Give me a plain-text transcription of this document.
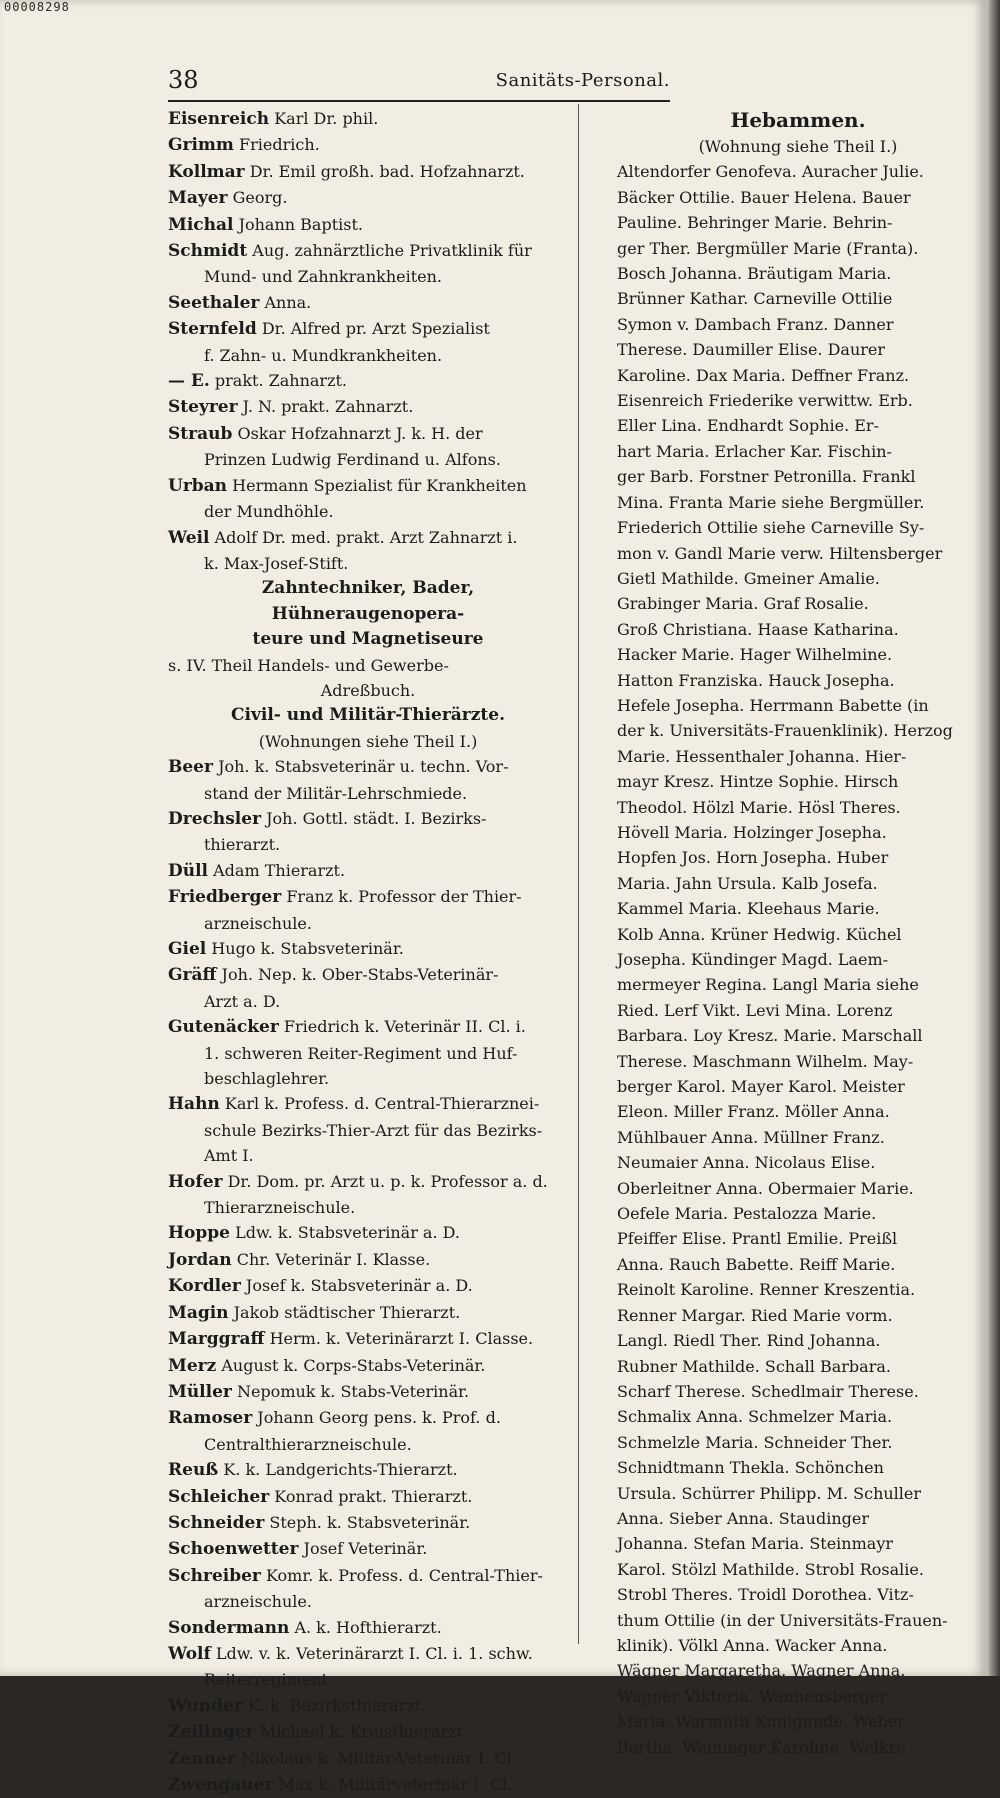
00008298
38	Sanitäts-Personal.

Eisenreich Karl Dr. phil.

Grimm Friedrich.

Kollmar Dr. Emil großh. bad. Hofzahnarzt.

Mayer Georg.

Michal Johann Baptist.

Schmidt Aug. zahnärztliche Privatklinik für

Mund- und Zahnkrankheiten.

Seethaler Anna.

Sternfeld Dr. Alfred pr. Arzt Spezialist

f. Zahn- u. Mundkrankheiten.

— E. prakt. Zahnarzt.

Steyrer J. N. prakt. Zahnarzt.

Straub Oskar Hofzahnarzt J. k. H. der

Prinzen Ludwig Ferdinand u. Alfons.

Urban Hermann Spezialist für Krankheiten

der Mundhöhle.

Weil Adolf Dr. med. prakt. Arzt Zahnarzt i.

k. Max-Josef-Stift.

Zahntechniker, Bader, Hühneraugenopera-

teure und Magnetiseure

s. IV. Theil Handels- und Gewerbe-

Adreßbuch.

Civil- und Militär-Thierärzte.

(Wohnungen siehe Theil I.)

Beer Joh. k. Stabsveterinär u. techn. Vor-

stand der Militär-Lehrschmiede.

Drechsler Joh. Gottl. städt. I. Bezirks-

thierarzt.

Düll Adam Thierarzt.

Friedberger Franz k. Professor der Thier-

arzneischule.

Giel Hugo k. Stabsveterinär.

Gräff Joh. Nep. k. Ober-Stabs-Veterinär-

Arzt a. D.

Gutenäcker Friedrich k. Veterinär II. Cl. i.

1. schweren Reiter-Regiment und Huf-

beschlaglehrer.

Hahn Karl k. Profess. d. Central-Thierarznei-

schule Bezirks-Thier-Arzt für das Bezirks-

Amt I.

Hofer Dr. Dom. pr. Arzt u. p. k. Professor a. d.

Thierarzneischule.

Hoppe Ldw. k. Stabsveterinär a. D.

Jordan Chr. Veterinär I. Klasse.

Kordler Josef k. Stabsveterinär a. D.

Magin Jakob städtischer Thierarzt.

Marggraff Herm. k. Veterinärarzt I. Classe.

Merz August k. Corps-Stabs-Veterinär.

Müller Nepomuk k. Stabs-Veterinär.

Ramoser Johann Georg pens. k. Prof. d.

Centralthierarzneischule.

Reuß K. k. Landgerichts-Thierarzt.

Schleicher Konrad prakt. Thierarzt.

Schneider Steph. k. Stabsveterinär.

Schoenwetter Josef Veterinär.

Schreiber Komr. k. Profess. d. Central-Thier-

arzneischule.

Sondermann A. k. Hofthierarzt.

Wolf Ldw. v. k. Veterinärarzt I. Cl. i. 1. schw.

Reiterregiment.

Wunder K. k. Bezirksthierarzt.

Zeilinger Michael k. Kreisthierarzt.

Zenner Nikolaus k. Militär-Veterinär I. Cl.

Zwengauer Max k. Militärveterinär I. Cl.

Hebammen.

(Wohnung siehe Theil I.)

Altendorfer Genofeva. Auracher Julie.

Bäcker Ottilie. Bauer Helena. Bauer

Pauline. Behringer Marie. Behrin-

ger Ther. Bergmüller Marie (Franta).

Bosch Johanna. Bräutigam Maria.

Brünner Kathar. Carneville Ottilie

Symon v. Dambach Franz. Danner

Therese. Daumiller Elise. Daurer

Karoline. Dax Maria. Deffner Franz.

Eisenreich Friederike verwittw. Erb.

Eller Lina. Endhardt Sophie. Er-

hart Maria. Erlacher Kar. Fischin-

ger Barb. Forstner Petronilla. Frankl

Mina. Franta Marie siehe Bergmüller.

Friederich Ottilie siehe Carneville Sy-

mon v. Gandl Marie verw. Hiltensberger

Gietl Mathilde. Gmeiner Amalie.

Grabinger Maria. Graf Rosalie.

Groß Christiana. Haase Katharina.

Hacker Marie. Hager Wilhelmine.

Hatton Franziska. Hauck Josepha.

Hefele Josepha. Herrmann Babette (in

der k. Universitäts-Frauenklinik). Herzog

Marie. Hessenthaler Johanna. Hier-

mayr Kresz. Hintze Sophie. Hirsch

Theodol. Hölzl Marie. Hösl Theres.

Hövell Maria. Holzinger Josepha.

Hopfen Jos. Horn Josepha. Huber

Maria. Jahn Ursula. Kalb Josefa.

Kammel Maria. Kleehaus Marie.

Kolb Anna. Krüner Hedwig. Küchel

Josepha. Kündinger Magd. Laem-

mermeyer Regina. Langl Maria siehe

Ried. Lerf Vikt. Levi Mina. Lorenz

Barbara. Loy Kresz. Marie. Marschall

Therese. Maschmann Wilhelm. May-

berger Karol. Mayer Karol. Meister

Eleon. Miller Franz. Möller Anna.

Mühlbauer Anna. Müllner Franz.

Neumaier Anna. Nicolaus Elise.

Oberleitner Anna. Obermaier Marie.

Oefele Maria. Pestalozza Marie.

Pfeiffer Elise. Prantl Emilie. Preißl

Anna. Rauch Babette. Reiff Marie.

Reinolt Karoline. Renner Kreszentia.

Renner Margar. Ried Marie vorm.

Langl. Riedl Ther. Rind Johanna.

Rubner Mathilde. Schall Barbara.

Scharf Therese. Schedlmair Therese.

Schmalix Anna. Schmelzer Maria.

Schmelzle Maria. Schneider Ther.

Schnidtmann Thekla. Schönchen

Ursula. Schürrer Philipp. M. Schuller

Anna. Sieber Anna. Staudinger

Johanna. Stefan Maria. Steinmayr

Karol. Stölzl Mathilde. Strobl Rosalie.

Strobl Theres. Troidl Dorothea. Vitz-

thum Ottilie (in der Universitäts-Frauen-

klinik). Völkl Anna. Wacker Anna.

Wägner Margaretha. Wagner Anna.

Wagner Viktoria. Wannensberger

Maria. Warmuth Kunigunde. Weber

Bertha. Weininger Karoline. Welkre
